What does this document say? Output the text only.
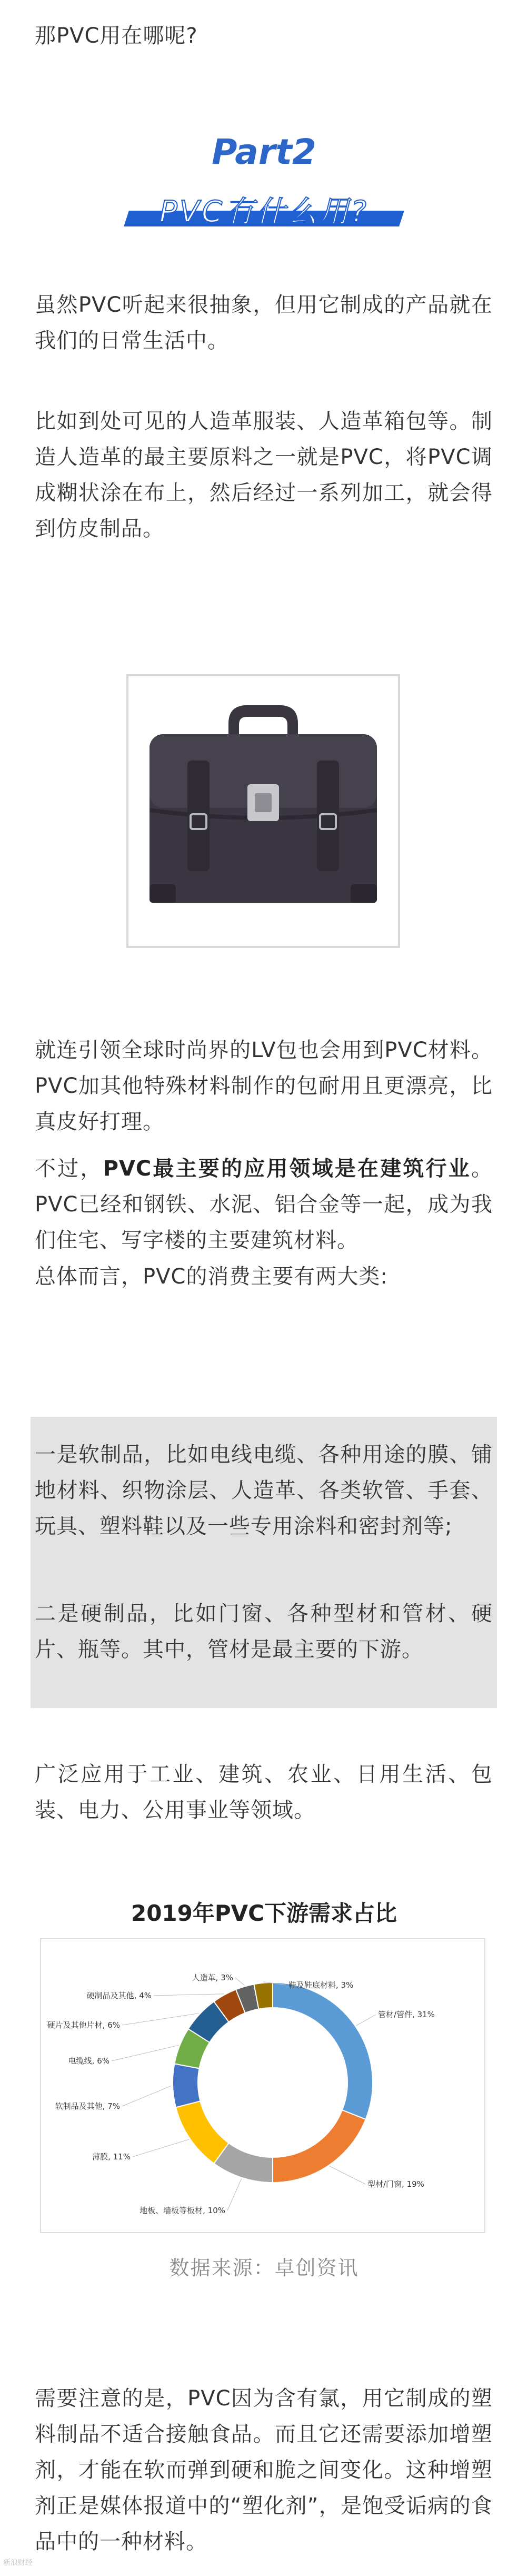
那PVC用在哪呢?

Part2
PVC有什么用?

虽然PVC听起来很抽象，但用它制成的产品就在我们的日常生活中。

比如到处可见的人造革服装、人造革箱包等。制造人造革的最主要原料之一就是PVC，将PVC调成糊状涂在布上，然后经过一系列加工，就会得到仿皮制品。

就连引领全球时尚界的LV包也会用到PVC材料。PVC加其他特殊材料制作的包耐用且更漂亮，比真皮好打理。

不过，PVC最主要的应用领域是在建筑行业。PVC已经和钢铁、水泥、铝合金等一起，成为我们住宅、写字楼的主要建筑材料。

总体而言，PVC的消费主要有两大类:

一是软制品，比如电线电缆、各种用途的膜、铺地材料、织物涂层、人造革、各类软管、手套、玩具、塑料鞋以及一些专用涂料和密封剂等;

二是硬制品，比如门窗、各种型材和管材、硬片、瓶等。其中，管材是最主要的下游。

广泛应用于工业、建筑、农业、日用生活、包装、电力、公用事业等领域。

2019年PVC下游需求占比
管材/管件, 31%
型材/门窗, 19%
地板、墙板等板材, 10%
薄膜, 11%
软制品及其他, 7%
电缆线, 6%
硬片及其他片材, 6%
硬制品及其他, 4%
人造革, 3%
鞋及鞋底材料, 3%
数据来源：卓创资讯

需要注意的是，PVC因为含有氯，用它制成的塑料制品不适合接触食品。而且它还需要添加增塑剂，才能在软而弹到硬和脆之间变化。这种增塑剂正是媒体报道中的“塑化剂”，是饱受诟病的食品中的一种材料。

新浪财经
